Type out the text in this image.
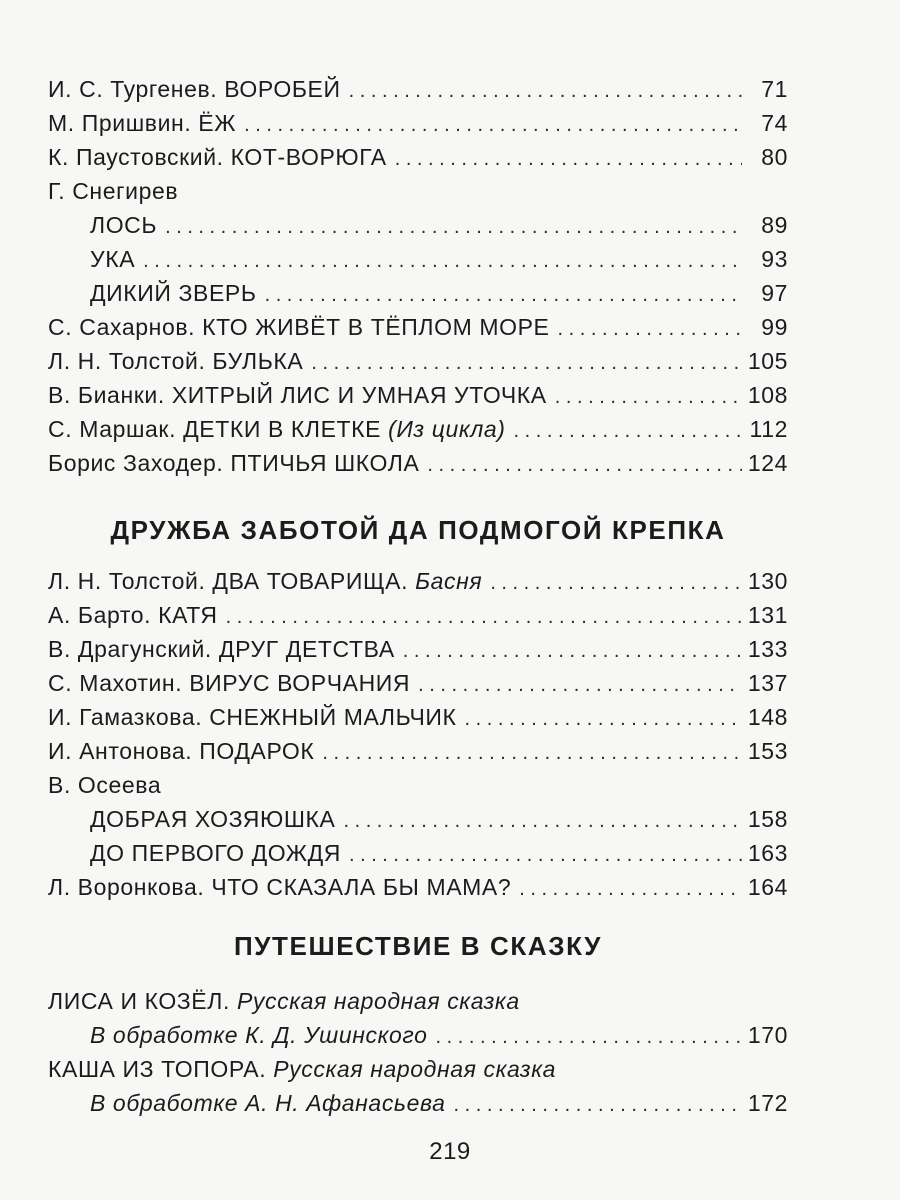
И. С. Тургенев. ВОРОБЕЙ . . .	71
М. Пришвин. ЁЖ . . .	74
К. Паустовский. КОТ-ВОРЮГА . . .	80
Г. Снегирев
ЛОСЬ . . .	89
УКА . . .	93
ДИКИЙ ЗВЕРЬ . . .	97
С. Сахарнов. КТО ЖИВЁТ В ТЁПЛОМ МОРЕ . . .	99
Л. Н. Толстой. БУЛЬКА . . .	105
В. Бианки. ХИТРЫЙ ЛИС И УМНАЯ УТОЧКА . . .	108
С. Маршак. ДЕТКИ В КЛЕТКЕ (Из цикла) . . .	112
Борис Заходер. ПТИЧЬЯ ШКОЛА . . .	124
ДРУЖБА ЗАБОТОЙ ДА ПОДМОГОЙ КРЕПКА
Л. Н. Толстой. ДВА ТОВАРИЩА. Басня . . .	130
А. Барто. КАТЯ . . .	131
В. Драгунский. ДРУГ ДЕТСТВА . . .	133
С. Махотин. ВИРУС ВОРЧАНИЯ . . .	137
И. Гамазкова. СНЕЖНЫЙ МАЛЬЧИК . . .	148
И. Антонова. ПОДАРОК . . .	153
В. Осеева
ДОБРАЯ ХОЗЯЮШКА . . .	158
ДО ПЕРВОГО ДОЖДЯ . . .	163
Л. Воронкова. ЧТО СКАЗАЛА БЫ МАМА? . . .	164
ПУТЕШЕСТВИЕ В СКАЗКУ
ЛИСА И КОЗЁЛ. Русская народная сказка
В обработке К. Д. Ушинского . . .	170
КАША ИЗ ТОПОРА. Русская народная сказка
В обработке А. Н. Афанасьева . . .	172
219
